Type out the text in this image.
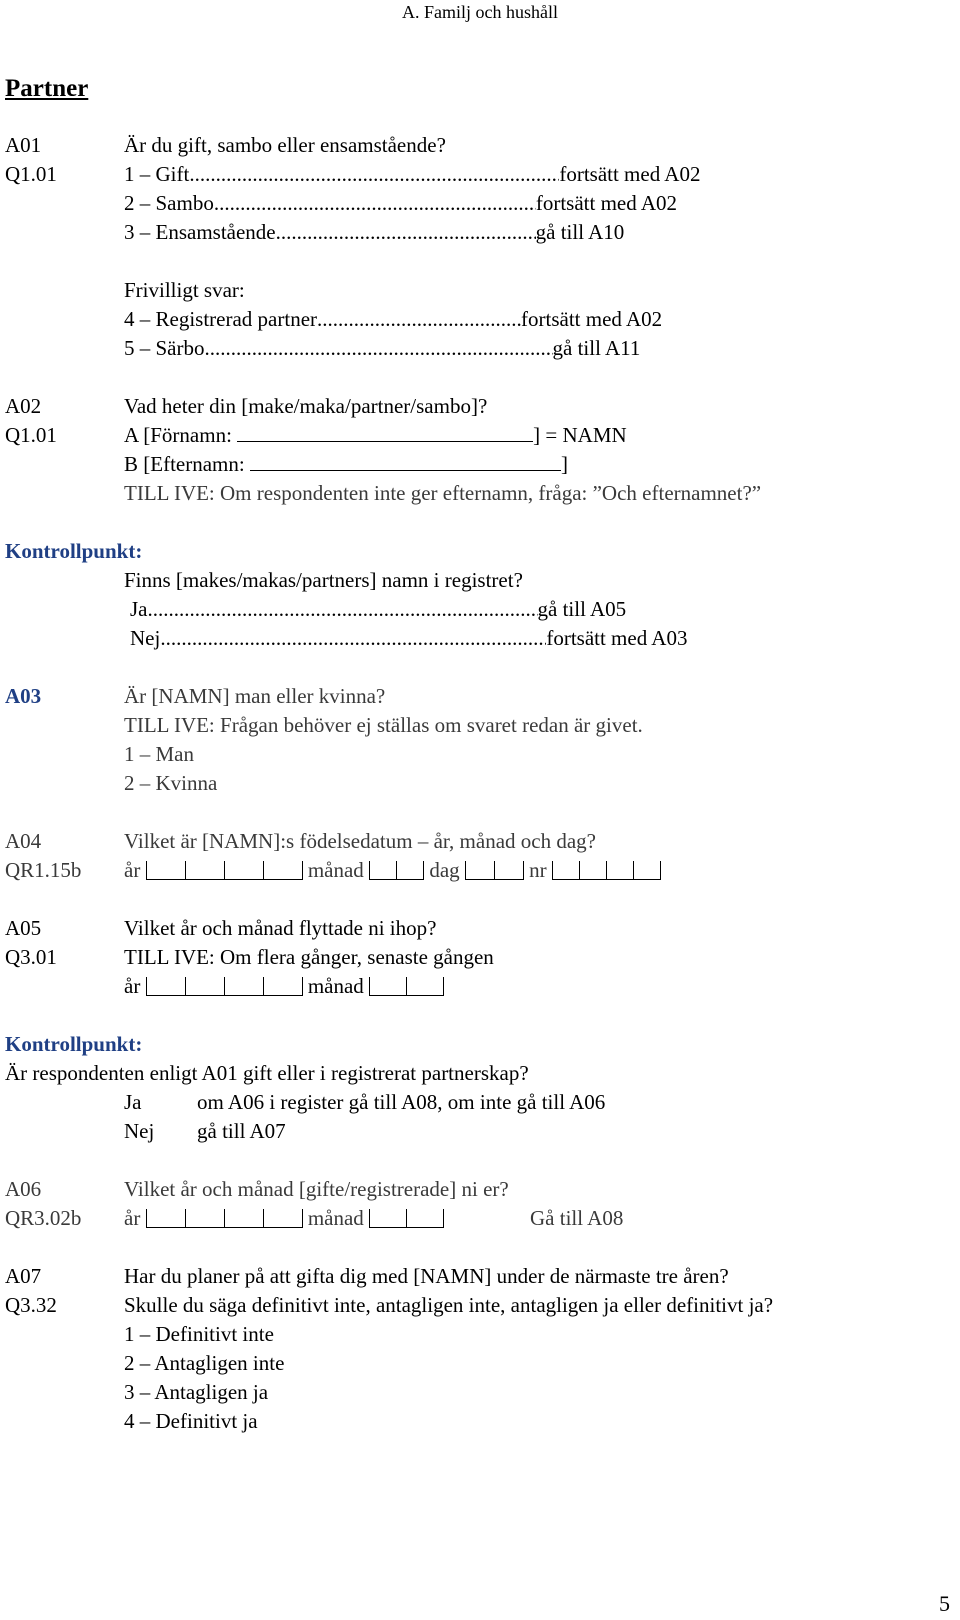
A. Familj och hushåll
Partner
A01	Är du gift, sambo eller ensamstående?
Q1.01	1 – Gift .....	fortsätt med A02
2 – Sambo .....	fortsätt med A02
3 – Ensamstående .....	gå till A10
Frivilligt svar:
4 – Registrerad partner .....	fortsätt med A02
5 – Särbo .....	gå till A11
A02	Vad heter din [make/maka/partner/sambo]?
Q1.01	A [Förnamn:	] = NAMN
B [Efternamn:	]
TILL IVE: Om respondenten inte ger efternamn, fråga: ”Och efternamnet?”
Kontrollpunkt:
Finns [makes/makas/partners] namn i registret?
Ja .....	gå till A05
Nej .....	fortsätt med A03
A03	Är [NAMN] man eller kvinna?
TILL IVE: Frågan behöver ej ställas om svaret redan är givet.
1 – Man
2 – Kvinna
A04	Vilket är [NAMN]:s födelsedatum – år, månad och dag?
QR1.15b år	månad	dag	nr
A05	Vilket år och månad flyttade ni ihop?
Q3.01	TILL IVE: Om flera gånger, senaste gången
år	månad
Kontrollpunkt:
Är respondenten enligt A01 gift eller i registrerat partnerskap?
Ja	om A06 i register gå till A08, om inte gå till A06
Nej gå till A07
A06	Vilket år och månad [gifte/registrerade] ni er?
QR3.02b år	månad	Gå till A08
A07	Har du planer på att gifta dig med [NAMN] under de närmaste tre åren?
Q3.32	Skulle du säga definitivt inte, antagligen inte, antagligen ja eller definitivt ja?
1 – Definitivt inte
2 – Antagligen inte
3 – Antagligen ja
4 – Definitivt ja
5
